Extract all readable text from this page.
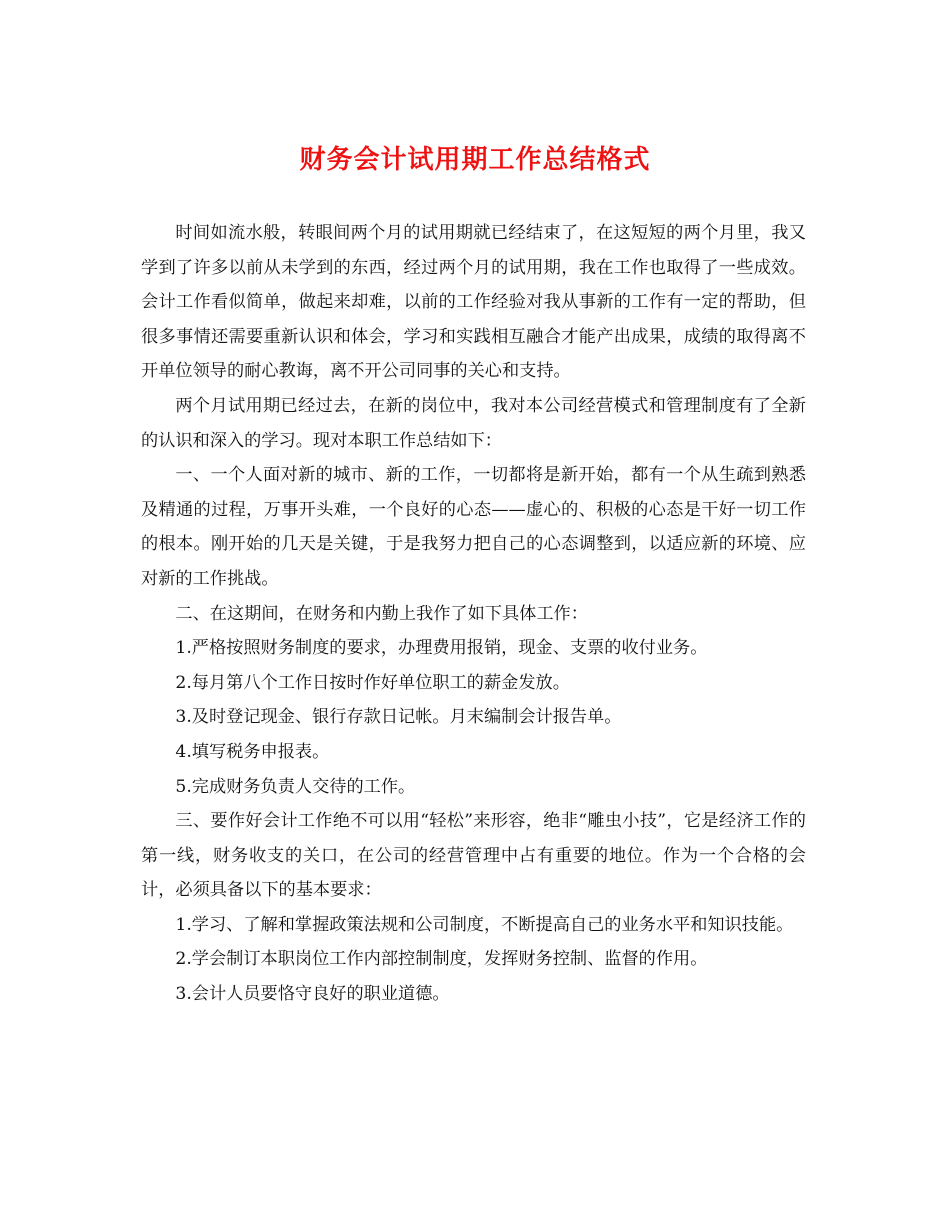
财务会计试用期工作总结格式

时间如流水般，转眼间两个月的试用期就已经结束了，在这短短的两个月里，我又学到了许多以前从未学到的东西，经过两个月的试用期，我在工作也取得了一些成效。会计工作看似简单，做起来却难，以前的工作经验对我从事新的工作有一定的帮助，但很多事情还需要重新认识和体会，学习和实践相互融合才能产出成果，成绩的取得离不开单位领导的耐心教诲，离不开公司同事的关心和支持。

两个月试用期已经过去，在新的岗位中，我对本公司经营模式和管理制度有了全新的认识和深入的学习。现对本职工作总结如下：

一、一个人面对新的城市、新的工作，一切都将是新开始，都有一个从生疏到熟悉及精通的过程，万事开头难，一个良好的心态——虚心的、积极的心态是干好一切工作的根本。刚开始的几天是关键，于是我努力把自己的心态调整到，以适应新的环境、应对新的工作挑战。

二、在这期间，在财务和内勤上我作了如下具体工作：

1.严格按照财务制度的要求，办理费用报销，现金、支票的收付业务。

2.每月第八个工作日按时作好单位职工的薪金发放。

3.及时登记现金、银行存款日记帐。月末编制会计报告单。

4.填写税务申报表。

5.完成财务负责人交待的工作。

三、要作好会计工作绝不可以用“轻松”来形容，绝非“雕虫小技”，它是经济工作的第一线，财务收支的关口，在公司的经营管理中占有重要的地位。作为一个合格的会计，必须具备以下的基本要求：

1.学习、了解和掌握政策法规和公司制度，不断提高自己的业务水平和知识技能。

2.学会制订本职岗位工作内部控制制度，发挥财务控制、监督的作用。

3.会计人员要恪守良好的职业道德。
